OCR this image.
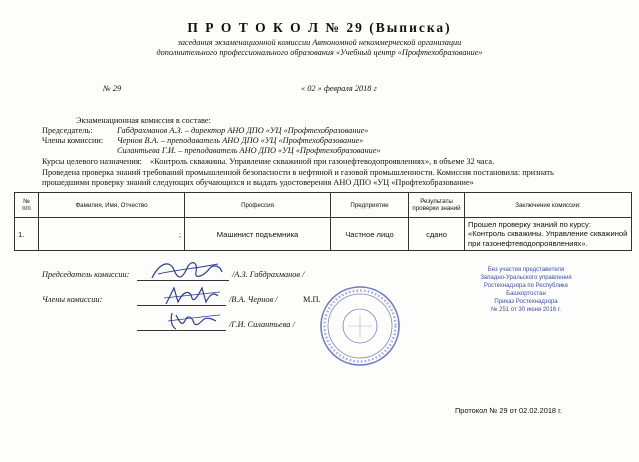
П Р О Т О К О Л № 29 (Выписка)
заседания экзаменационной комиссии Автономной некоммерческой организации
дополнительного профессионального образования «Учебный центр «Профтехобразование»
№ 29	« 02 » февраля 2018 г
Экзаменационная комиссия в составе:
Председатель:	Габдрахманов А.З. – директор АНО ДПО «УЦ «Профтехобразование»
Члены комиссии: Чернов В.А. – преподаватель АНО ДПО «УЦ «Профтехобразование»
Силантьева Г.И. – преподаватель АНО ДПО «УЦ «Профтехобразование»
Курсы целевого назначения: «Контроль скважины. Управление скважиной при газонефтеводопроявлениях», в объеме 32 часа.
Проведена проверка знаний требований промышленной безопасности в нефтяной и газовой промышленности. Комиссия постановила: признать
прошедшими проверку знаний следующих обучающихся и выдать удостоверения АНО ДПО «УЦ «Профтехобразование»
№
п/п	Фамилия, Имя, Отчество	Профессия	Предприятие	Результаты проверки знаний	Заключение комиссии:
1.	;	Машинист подъемника	Частное лицо	сдано	Прошел проверку знаний по курсу: «Контроль скважины. Управление скважиной при газонефтеводопроявлениях».
Председатель комиссии:	/А.З. Габдрахманов /
Члены комиссии:	/В.А. Чернов /	М.П.
/Г.И. Силантьева /
Без участия представителя
Западно-Уральского управления
Ростехнадзора по Республике Башкортостан
Приказ Ростехнадзора
№ 251 от 30 июня 2016 г.
Протокол № 29 от 02.02.2018 г.
